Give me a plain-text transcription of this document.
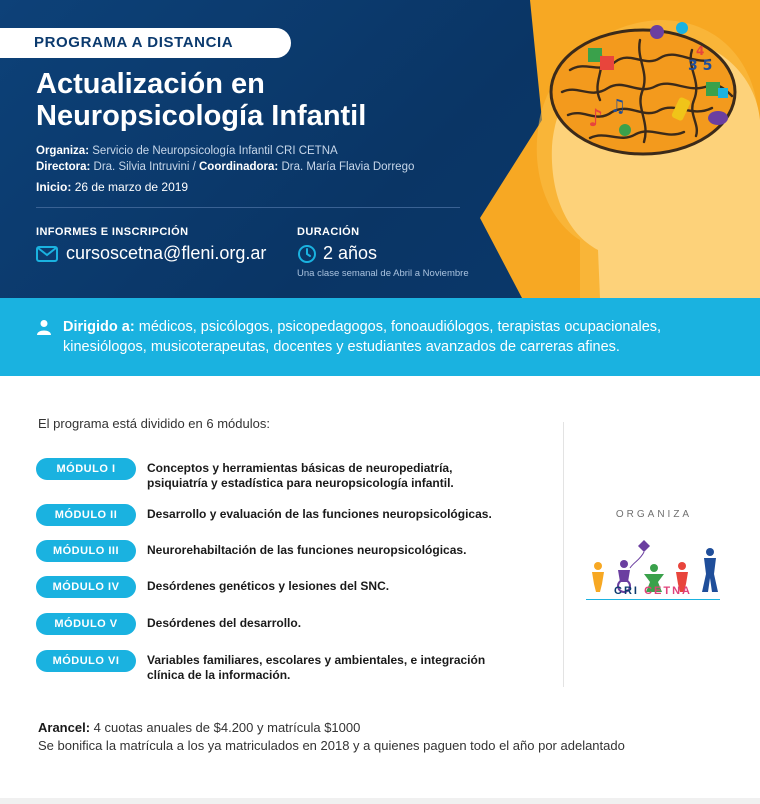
3 5
4
♪ ♫
PROGRAMA A DISTANCIA
Actualización en
Neuropsicología Infantil
Organiza: Servicio de Neuropsicología Infantil CRI CETNA
Directora: Dra. Silvia Intruvini / Coordinadora: Dra. María Flavia Dorrego
Inicio: 26 de marzo de 2019
INFORMES E INSCRIPCIÓN
cursoscetna@fleni.org.ar
DURACIÓN
2 años
Una clase semanal de Abril a Noviembre
Dirigido a: médicos, psicólogos, psicopedagogos, fonoaudiólogos, terapistas ocupacionales,
kinesiólogos, musicoterapeutas, docentes y estudiantes avanzados de carreras afines.
El programa está dividido en 6 módulos:
MÓDULO I	Conceptos y herramientas básicas de neuropediatría,
psiquiatría y estadística para neuropsicología infantil.
MÓDULO II	Desarrollo y evaluación de las funciones neuropsicológicas.
MÓDULO III	Neurorehabiltación de las funciones neuropsicológicas.
MÓDULO IV	Desórdenes genéticos y lesiones del SNC.
MÓDULO V	Desórdenes del desarrollo.
MÓDULO VI	Variables familiares, escolares y ambientales, e integración
clínica de la información.
ORGANIZA
CRI CETNA
Arancel: 4 cuotas anuales de $4.200 y matrícula $1000
Se bonifica la matrícula a los ya matriculados en 2018 y a quienes paguen todo el año por adelantado
